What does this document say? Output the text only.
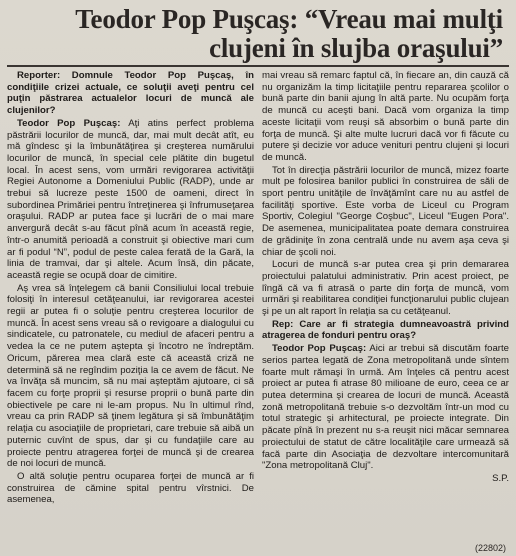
Teodor Pop Puşcaş: “Vreau mai mulţi
clujeni în slujba oraşului”

Reporter: Domnule Teodor Pop Puşcaş, în condiţiile crizei actuale, ce soluţii aveţi pentru cel puţin păstrarea actualelor locuri de muncă ale clujenilor?

Teodor Pop Puşcaş: Aţi atins perfect problema păstrării locurilor de muncă, dar, mai mult decât atît, eu mă gîndesc şi la îmbunătăţirea şi creşterea numărului locurilor de muncă, în special cele plătite din bugetul local. În acest sens, vom urmări revigorarea activităţii Regiei Autonome a Domeniului Public (RADP), unde ar trebui să lucreze peste 1500 de oameni, direct în subordinea Primăriei pentru întreţinerea şi înfrumuseţarea oraşului. RADP ar putea face şi lucrări de o mai mare anvergură decât s-au făcut pînă acum în această regie, într-o anumită perioadă a construit şi obiective mari cum ar fi podul “N”, podul de peste calea ferată de la Gară, la linia de tramvai, dar şi altele. Acum însă, din păcate, această regie se ocupă doar de cimitire.

Aş vrea să înţelegem că banii Consiliului local trebuie folosiţi în interesul cetăţeanului, iar revigorarea acestei regii ar putea fi o soluţie pentru creşterea locurilor de muncă. În acest sens vreau să o revigoare a dialogului cu sindicatele, cu patronatele, cu mediul de afaceri pentru a vedea la ce ne putem aştepta şi încotro ne îndreptăm. Oricum, părerea mea clară este că această criză ne determină să ne regîndim poziţia la ce avem de făcut. Ne va învăţa să muncim, să nu mai aşteptăm ajutoare, ci să facem cu forţe proprii şi resurse proprii o bună parte din obiectivele pe care ni le-am propus. Nu în ultimul rînd, vreau ca prin RADP să ţinem legătura şi să îmbunătăţim relaţia cu asociaţiile de proprietari, care trebuie să aibă un puternic cuvînt de spus, dar şi cu fundaţiile care au proiecte pentru atragerea forţei de muncă şi de crearea de noi locuri de muncă.

O altă soluţie pentru ocuparea forţei de muncă ar fi construirea de cămine spital pentru vîrstnici. De asemenea,

mai vreau să remarc faptul că, în fiecare an, din cauză că nu organizăm la timp licitaţiile pentru repararea şcolilor o bună parte din banii ajung în altă parte. Nu ocupăm forţa de muncă cu aceşti bani. Dacă vom organiza la timp aceste licitaţii vom reuşi să absorbim o bună parte din forţa de muncă. Şi alte multe lucruri dacă vor fi făcute cu putere şi decizie vor aduce venituri pentru clujeni şi locuri de muncă.

Tot în direcţia păstrării locurilor de muncă, mizez foarte mult pe folosirea banilor publici în construirea de săli de sport pentru unităţile de învăţămînt care nu au astfel de facilităţi sportive. Este vorba de Liceul cu Program Sportiv, Colegiul "George Coşbuc", Liceul "Eugen Pora". De asemenea, municipalitatea poate demara construirea de grădiniţe în zona centrală unde nu avem aşa ceva şi chiar de şcoli noi.

Locuri de muncă s-ar putea crea şi prin demararea proiectului palatului administrativ. Prin acest proiect, pe lîngă că va fi atrasă o parte din forţa de muncă, vom urmări şi reabilitarea condiţiei funcţionarului public clujean şi pe un alt raport în relaţia sa cu cetăţeanul.

Rep: Care ar fi strategia dumneavoastră privind atragerea de fonduri pentru oraş?

Teodor Pop Puşcaş: Aici ar trebui să discutăm foarte serios partea legată de Zona metropolitană unde sîntem foarte mult rămaşi în urmă. Am înţeles că pentru acest proiect ar putea fi atrase 80 milioane de euro, ceea ce ar putea determina şi crearea de locuri de muncă. Această zonă metropolitană trebuie s-o dezvoltăm într-un mod cu totul strategic şi arhitectural, pe proiecte integrate. Din păcate pînă în prezent nu s-a reuşit nici măcar semnarea proiectului de statut de către localităţile care urmează să facă parte din Asociaţia de dezvoltare intercomunitară "Zona metropolitană Cluj".

S.P.

(22802)
